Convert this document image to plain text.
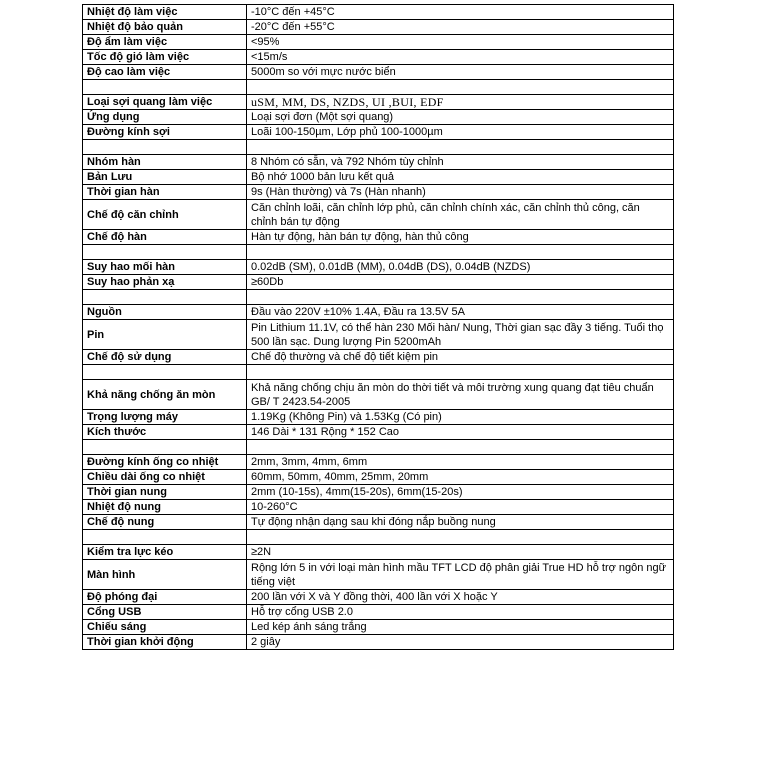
Nhiệt độ làm việc	-10°C đến +45°C
Nhiệt độ bảo quản	-20°C đến +55°C
Độ ẩm làm việc	<95%
Tốc độ gió làm việc	<15m/s
Độ cao làm việc	5000m so với mực nước biển

Loại sợi quang làm việc	uSM, MM, DS, NZDS, UI ,BUI, EDF
Ứng dụng	Loại sợi đơn (Một sợi quang)
Đường kính sợi	Loãi 100-150µm, Lớp phủ 100-1000µm

Nhóm hàn	8 Nhóm có sẵn, và 792 Nhóm tùy chỉnh
Bản Lưu	Bộ nhớ 1000 bản lưu kết quả
Thời gian hàn	9s (Hàn thường) và 7s (Hàn nhanh)
Chế độ căn chỉnh	Căn chỉnh loãi, căn chỉnh lớp phủ, căn chỉnh chính xác, căn chỉnh thủ công, căn chỉnh bán tự động
Chế độ hàn	Hàn tự động, hàn bán tự động, hàn thủ công

Suy hao mối hàn	0.02dB (SM), 0.01dB (MM), 0.04dB (DS), 0.04dB (NZDS)
Suy hao phản xạ	≥60Db

Nguồn	Đầu vào 220V ±10% 1.4A, Đầu ra 13.5V 5A
Pin	Pin Lithium 11.1V, có thể hàn 230 Mối hàn/ Nung, Thời gian sạc đầy 3 tiếng. Tuổi thọ 500 lần sạc. Dung lượng Pin 5200mAh
Chế độ sử dụng	Chế độ thường và chế độ tiết kiệm pin

Khả năng chống ăn mòn	Khả năng chống chịu ăn mòn do thời tiết và môi trường xung quang đạt tiêu chuẩn GB/ T 2423.54-2005
Trọng lượng máy	1.19Kg (Không Pin) và 1.53Kg (Có pin)
Kích thước	146 Dài * 131 Rộng * 152 Cao

Đường kính ống co nhiệt	2mm, 3mm, 4mm, 6mm
Chiều dài ống co nhiệt	60mm, 50mm, 40mm, 25mm, 20mm
Thời gian nung	2mm (10-15s), 4mm(15-20s), 6mm(15-20s)
Nhiệt độ nung	10-260°C
Chế độ nung	Tự động nhận dạng sau khi đóng nắp buồng nung

Kiểm tra lực kéo	≥2N
Màn hình	Rộng lớn 5 in với loại màn hình mầu TFT LCD độ phân giải True HD hỗ trợ ngôn ngữ tiếng việt
Độ phóng đại	200 lần với X và Y đồng thời, 400 lần với X hoặc Y
Cổng USB	Hỗ trợ cổng USB 2.0
Chiếu sáng	Led kép ánh sáng trắng
Thời gian khởi động	2 giây
